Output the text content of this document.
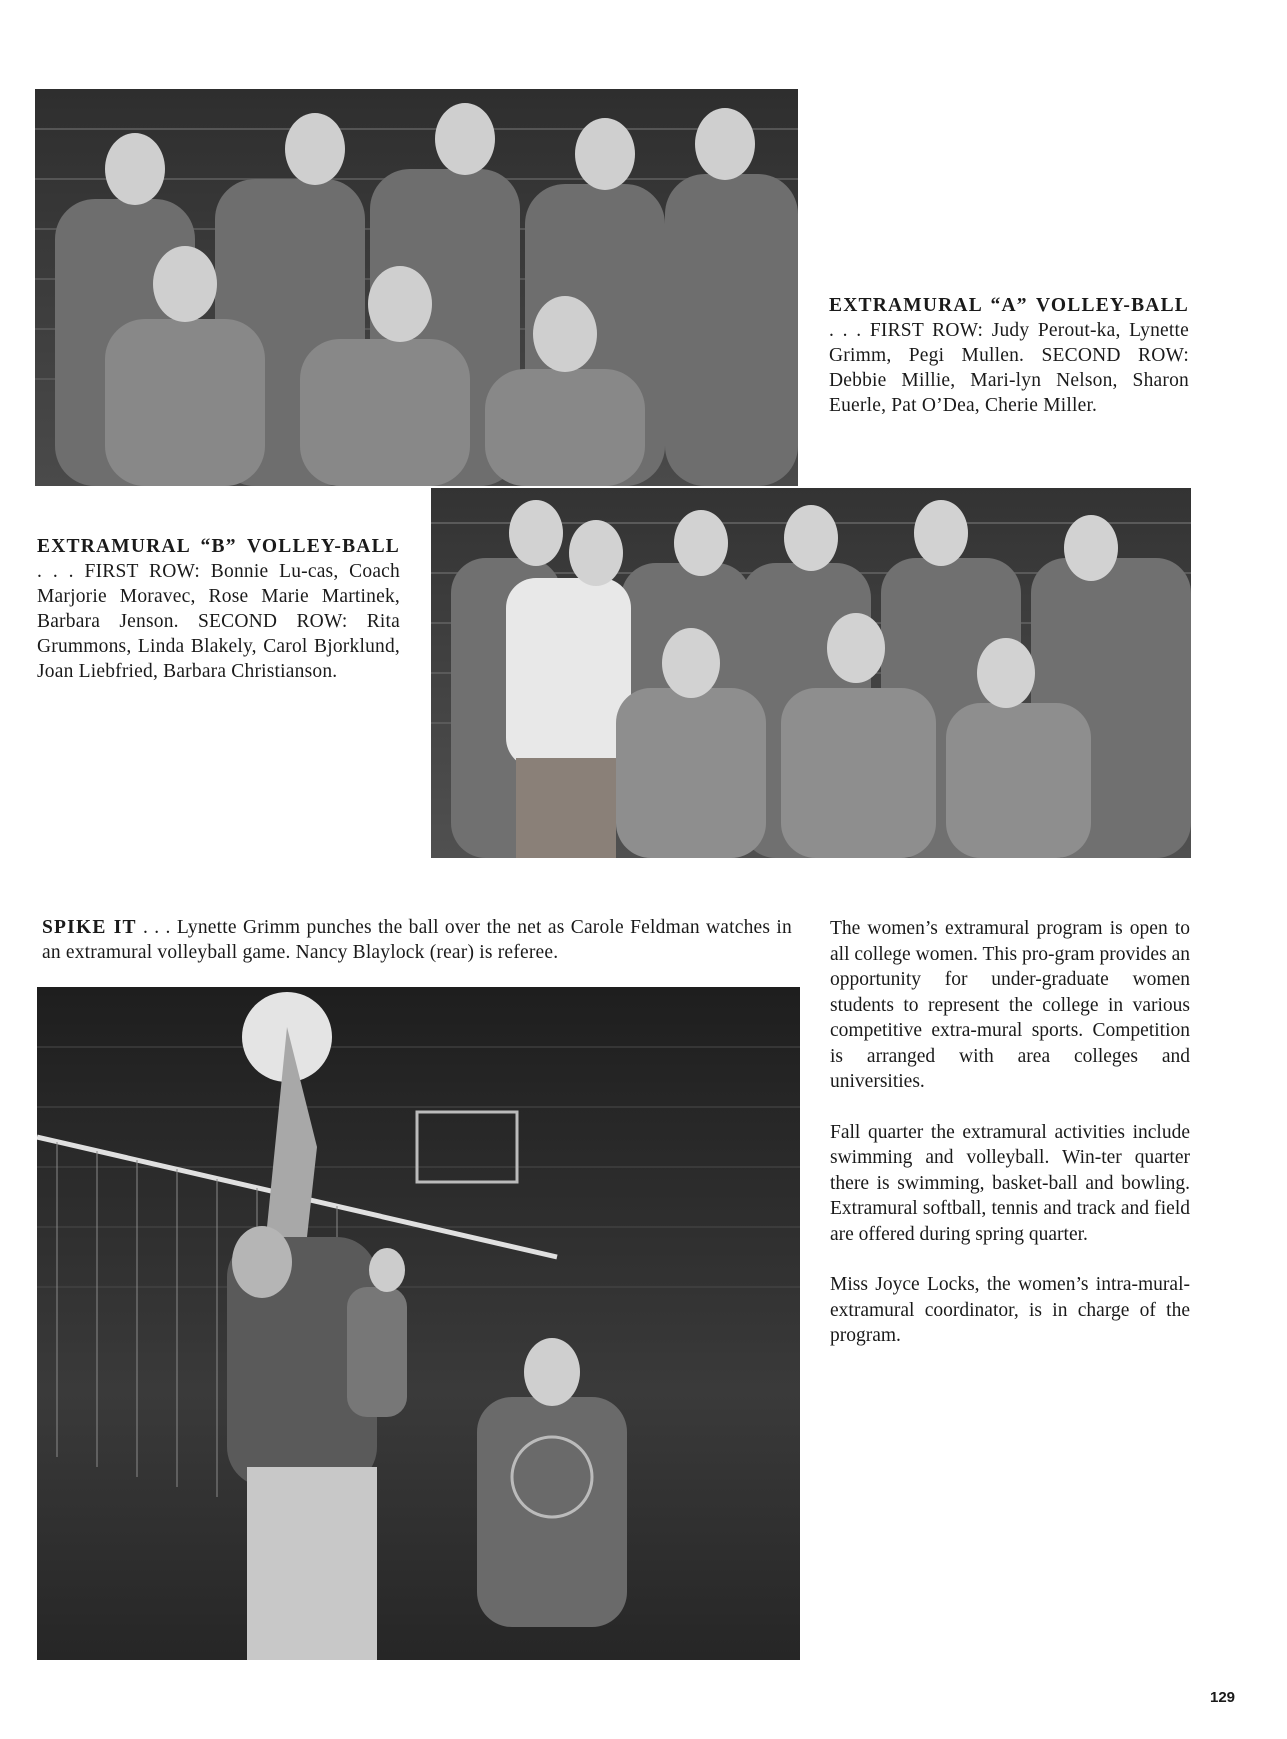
EXTRAMURAL “A” VOLLEY-BALL . . . FIRST ROW: Judy Perout-ka, Lynette Grimm, Pegi Mullen. SECOND ROW: Debbie Millie, Mari-lyn Nelson, Sharon Euerle, Pat O’Dea, Cherie Miller.
EXTRAMURAL “B” VOLLEY-BALL . . . FIRST ROW: Bonnie Lu-cas, Coach Marjorie Moravec, Rose Marie Martinek, Barbara Jenson. SECOND ROW: Rita Grummons, Linda Blakely, Carol Bjorklund, Joan Liebfried, Barbara Christianson.
SPIKE IT . . . Lynette Grimm punches the ball over the net as Carole Feldman watches in an extramural volleyball game. Nancy Blaylock (rear) is referee.

The women’s extramural program is open to all college women. This pro-gram provides an opportunity for under-graduate women students to represent the college in various competitive extra-mural sports. Competition is arranged with area colleges and universities.

Fall quarter the extramural activities include swimming and volleyball. Win-ter quarter there is swimming, basket-ball and bowling. Extramural softball, tennis and track and field are offered during spring quarter.

Miss Joyce Locks, the women’s intra-mural-extramural coordinator, is in charge of the program.

129
